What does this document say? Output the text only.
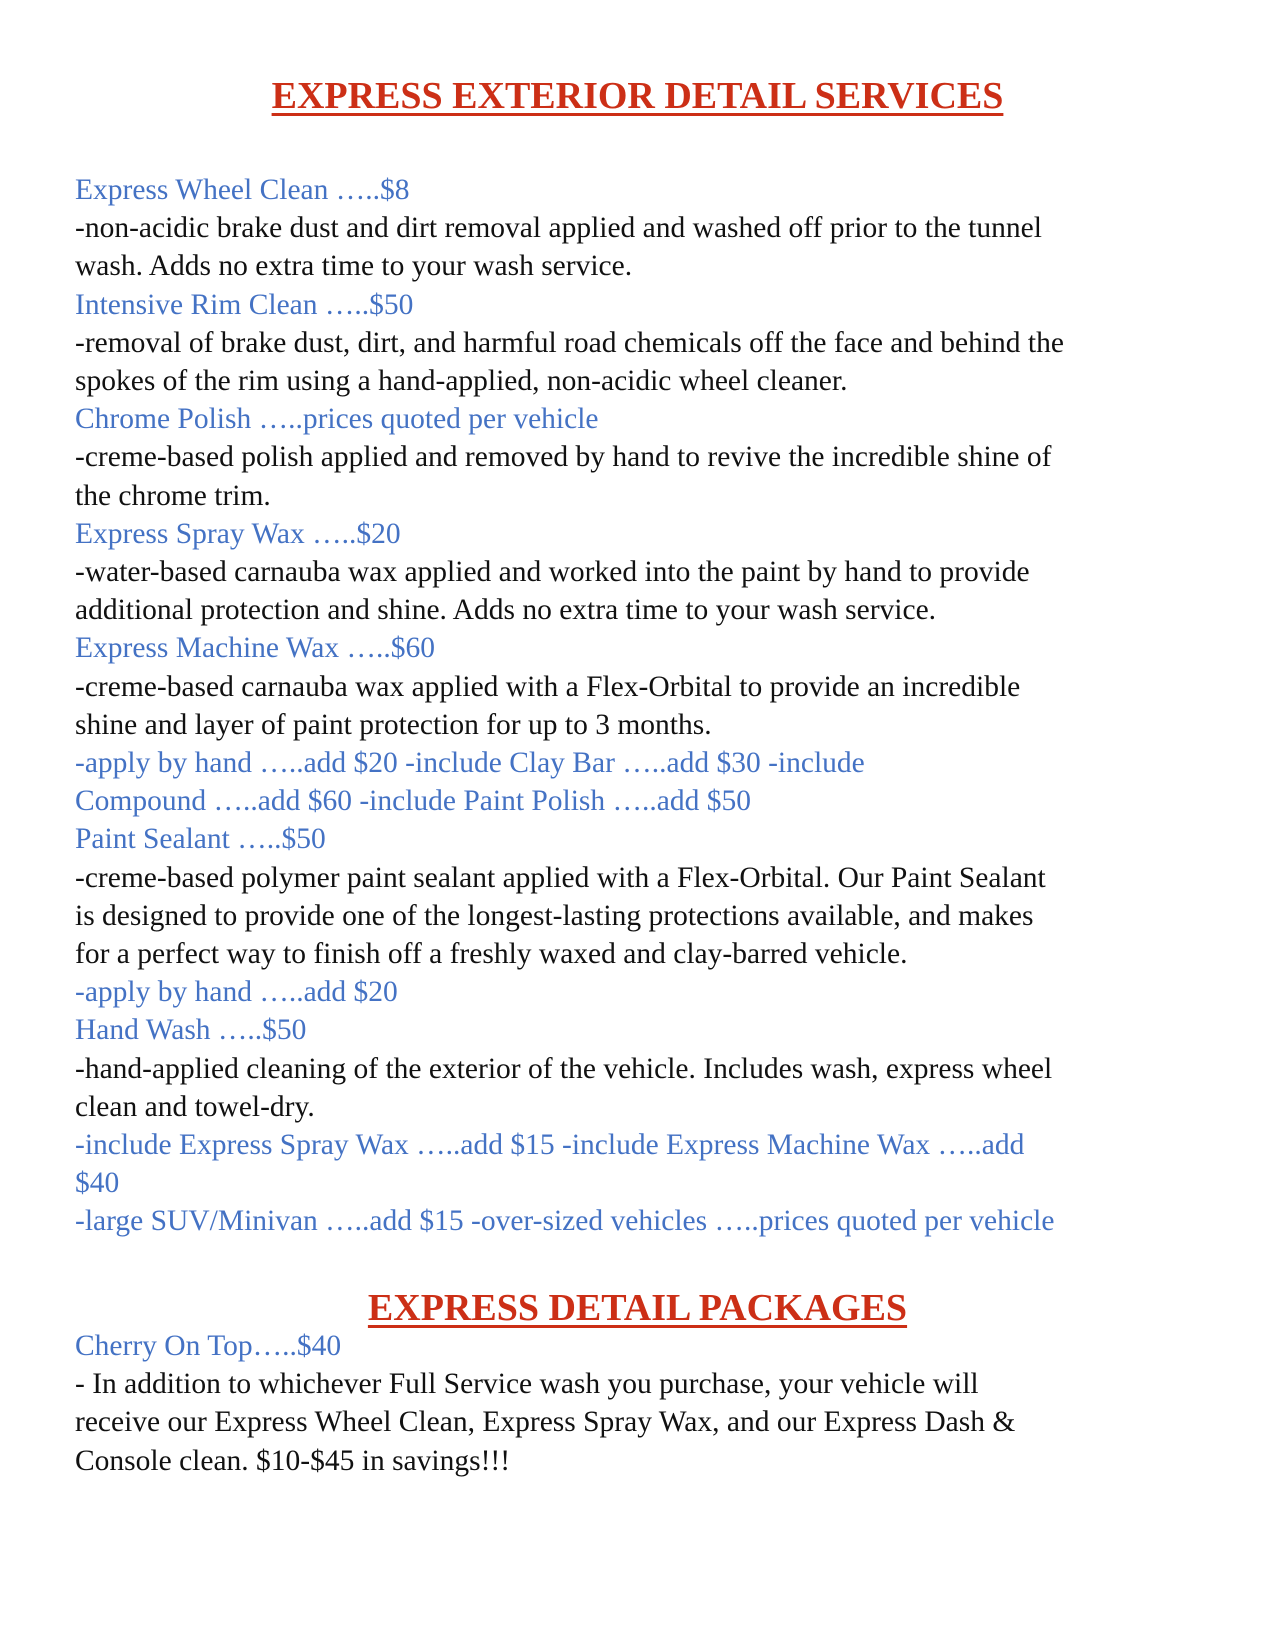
EXPRESS EXTERIOR DETAIL SERVICES
Express Wheel Clean …..$8
-non-acidic brake dust and dirt removal applied and washed off prior to the tunnel
wash. Adds no extra time to your wash service.
Intensive Rim Clean …..$50
-removal of brake dust, dirt, and harmful road chemicals off the face and behind the
spokes of the rim using a hand-applied, non-acidic wheel cleaner.
Chrome Polish …..prices quoted per vehicle
-creme-based polish applied and removed by hand to revive the incredible shine of
the chrome trim.
Express Spray Wax …..$20
-water-based carnauba wax applied and worked into the paint by hand to provide
additional protection and shine. Adds no extra time to your wash service.
Express Machine Wax …..$60
-creme-based carnauba wax applied with a Flex-Orbital to provide an incredible
shine and layer of paint protection for up to 3 months.
-apply by hand …..add $20 -include Clay Bar …..add $30 -include
Compound …..add $60 -include Paint Polish …..add $50
Paint Sealant …..$50
-creme-based polymer paint sealant applied with a Flex-Orbital. Our Paint Sealant
is designed to provide one of the longest-lasting protections available, and makes
for a perfect way to finish off a freshly waxed and clay-barred vehicle.
-apply by hand …..add $20
Hand Wash …..$50
-hand-applied cleaning of the exterior of the vehicle. Includes wash, express wheel
clean and towel-dry.
-include Express Spray Wax …..add $15 -include Express Machine Wax …..add
$40
-large SUV/Minivan …..add $15 -over-sized vehicles …..prices quoted per vehicle
EXPRESS DETAIL PACKAGES
Cherry On Top…..$40
- In addition to whichever Full Service wash you purchase, your vehicle will
receive our Express Wheel Clean, Express Spray Wax, and our Express Dash &
Console clean. $10-$45 in savings!!!
